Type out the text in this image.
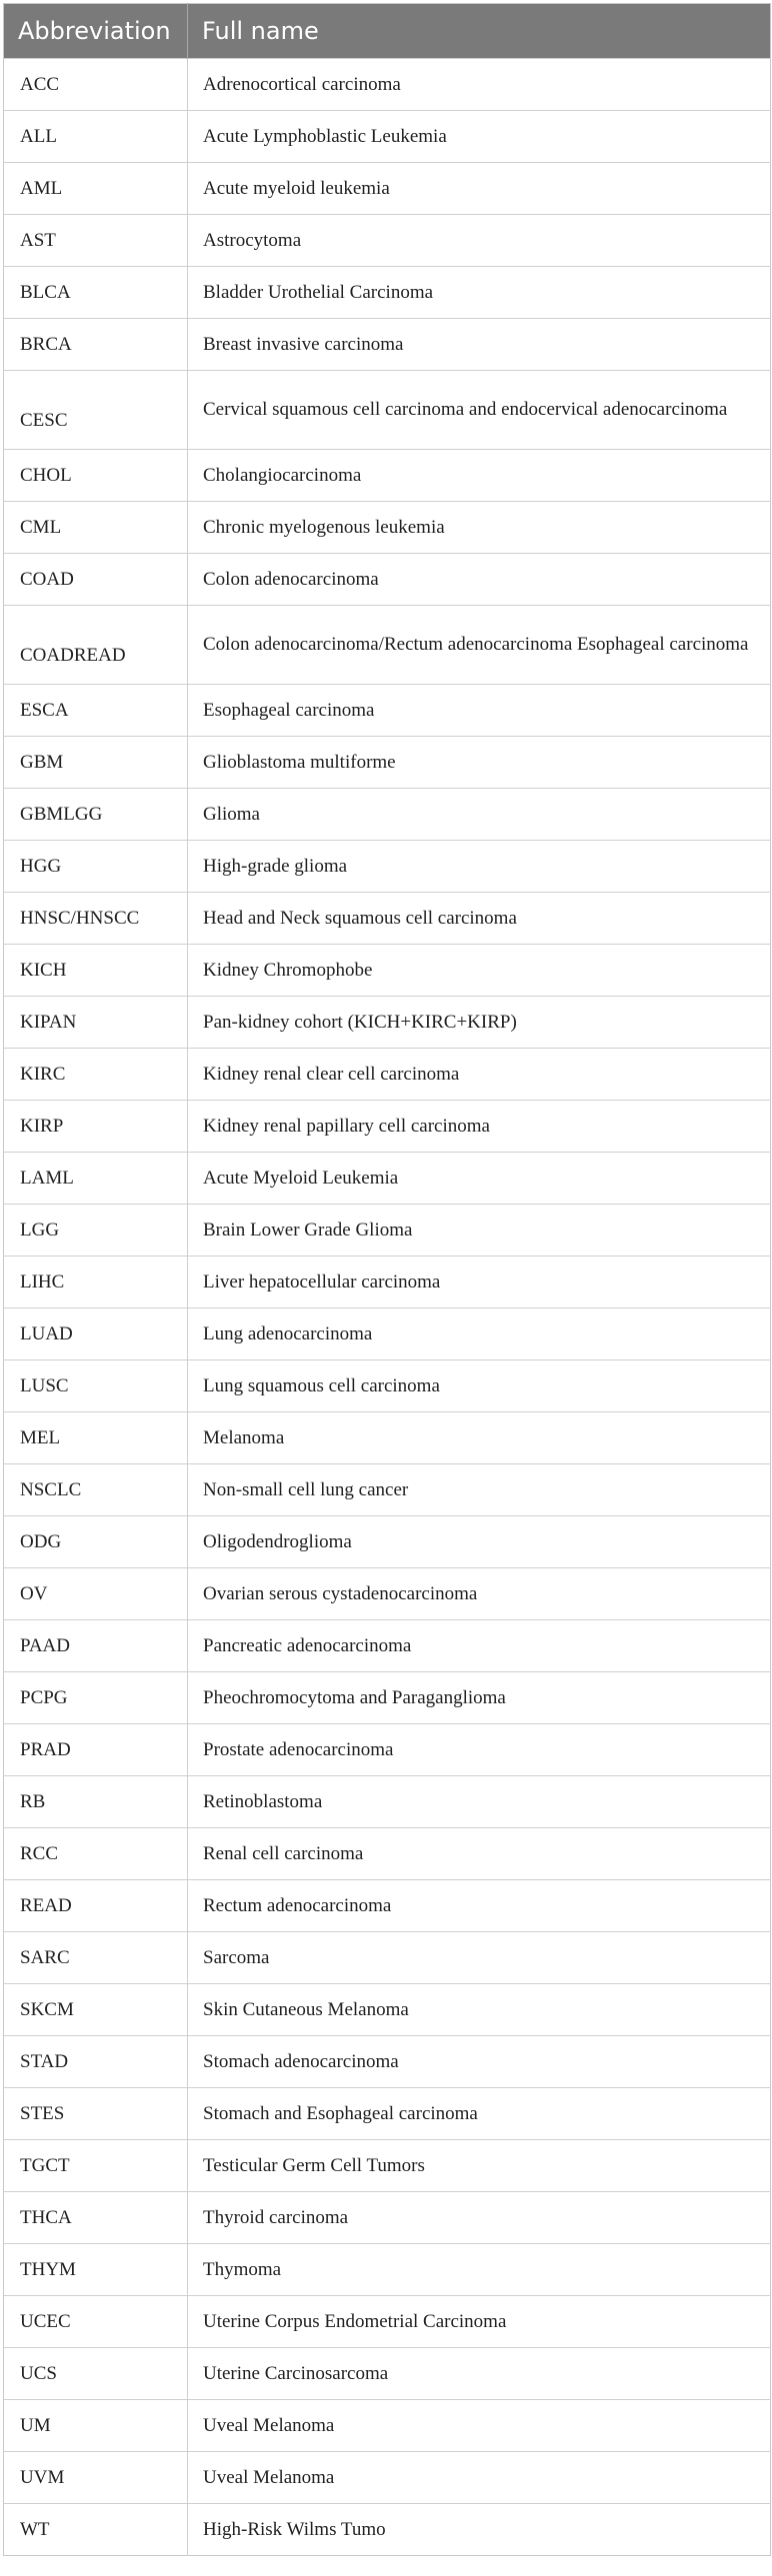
Abbreviation	Full name
ACC	Adrenocortical carcinoma
ALL	Acute Lymphoblastic Leukemia
AML	Acute myeloid leukemia
AST	Astrocytoma
BLCA	Bladder Urothelial Carcinoma
BRCA	Breast invasive carcinoma
CESC	Cervical squamous cell carcinoma and endocervical adenocarcinoma
CHOL	Cholangiocarcinoma
CML	Chronic myelogenous leukemia
COAD	Colon adenocarcinoma
COADREAD	Colon adenocarcinoma/Rectum adenocarcinoma Esophageal carcinoma
ESCA	Esophageal carcinoma
GBM	Glioblastoma multiforme
GBMLGG	Glioma
HGG	High-grade glioma
HNSC/HNSCC	Head and Neck squamous cell carcinoma
KICH	Kidney Chromophobe
KIPAN	Pan-kidney cohort (KICH+KIRC+KIRP)
KIRC	Kidney renal clear cell carcinoma
KIRP	Kidney renal papillary cell carcinoma
LAML	Acute Myeloid Leukemia
LGG	Brain Lower Grade Glioma
LIHC	Liver hepatocellular carcinoma
LUAD	Lung adenocarcinoma
LUSC	Lung squamous cell carcinoma
MEL	Melanoma
NSCLC	Non-small cell lung cancer
ODG	Oligodendroglioma
OV	Ovarian serous cystadenocarcinoma
PAAD	Pancreatic adenocarcinoma
PCPG	Pheochromocytoma and Paraganglioma
PRAD	Prostate adenocarcinoma
RB	Retinoblastoma
RCC	Renal cell carcinoma
READ	Rectum adenocarcinoma
SARC	Sarcoma
SKCM	Skin Cutaneous Melanoma
STAD	Stomach adenocarcinoma
STES	Stomach and Esophageal carcinoma
TGCT	Testicular Germ Cell Tumors
THCA	Thyroid carcinoma
THYM	Thymoma
UCEC	Uterine Corpus Endometrial Carcinoma
UCS	Uterine Carcinosarcoma
UM	Uveal Melanoma
UVM	Uveal Melanoma
WT	High-Risk Wilms Tumo
